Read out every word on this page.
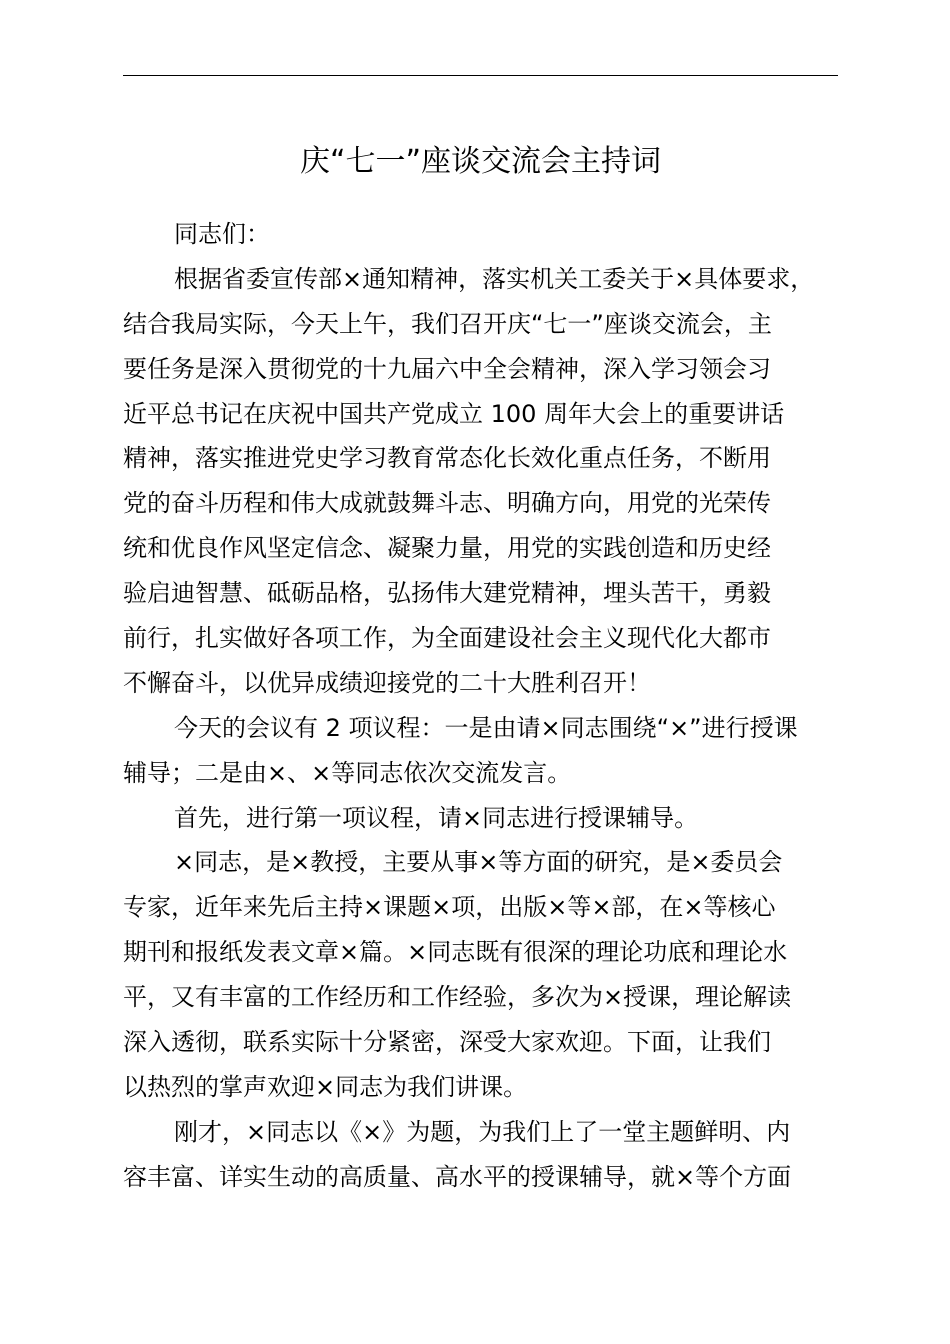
庆“七一”座谈交流会主持词
同志们：
根据省委宣传部×通知精神，落实机关工委关于×具体要求，
结合我局实际，今天上午，我们召开庆“七一”座谈交流会，主
要任务是深入贯彻党的十九届六中全会精神，深入学习领会习
近平总书记在庆祝中国共产党成立 100 周年大会上的重要讲话
精神，落实推进党史学习教育常态化长效化重点任务，不断用
党的奋斗历程和伟大成就鼓舞斗志、明确方向，用党的光荣传
统和优良作风坚定信念、凝聚力量，用党的实践创造和历史经
验启迪智慧、砥砺品格，弘扬伟大建党精神，埋头苦干，勇毅
前行，扎实做好各项工作，为全面建设社会主义现代化大都市
不懈奋斗，以优异成绩迎接党的二十大胜利召开！
今天的会议有 2 项议程：一是由请×同志围绕“×”进行授课
辅导；二是由×、×等同志依次交流发言。
首先，进行第一项议程，请×同志进行授课辅导。
×同志，是×教授，主要从事×等方面的研究，是×委员会
专家，近年来先后主持×课题×项，出版×等×部，在×等核心
期刊和报纸发表文章×篇。×同志既有很深的理论功底和理论水
平，又有丰富的工作经历和工作经验，多次为×授课，理论解读
深入透彻，联系实际十分紧密，深受大家欢迎。下面，让我们
以热烈的掌声欢迎×同志为我们讲课。
刚才，×同志以《×》为题，为我们上了一堂主题鲜明、内
容丰富、详实生动的高质量、高水平的授课辅导，就×等个方面
